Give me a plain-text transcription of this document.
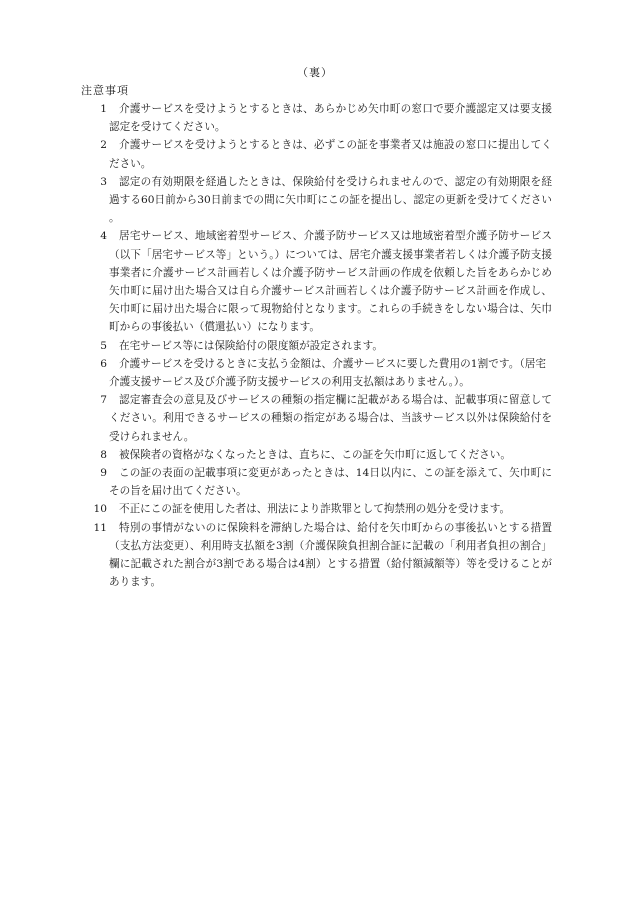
（裏）
注意事項
1	介護サービスを受けようとするときは、あらかじめ矢巾町の窓口で要介護認定又は要支援認定を受けてください。
2	介護サービスを受けようとするときは、必ずこの証を事業者又は施設の窓口に提出してください。
3	認定の有効期限を経過したときは、保険給付を受けられませんので、認定の有効期限を経過する60日前から30日前までの間に矢巾町にこの証を提出し、認定の更新を受けてください。
4	居宅サービス、地域密着型サービス、介護予防サービス又は地域密着型介護予防サービス（以下「居宅サービス等」という。）については、居宅介護支援事業者若しくは介護予防支援事業者に介護サービス計画若しくは介護予防サービス計画の作成を依頼した旨をあらかじめ矢巾町に届け出た場合又は自ら介護サービス計画若しくは介護予防サービス計画を作成し、矢巾町に届け出た場合に限って現物給付となります。これらの手続きをしない場合は、矢巾町からの事後払い（償還払い）になります。
5	在宅サービス等には保険給付の限度額が設定されます。
6	介護サービスを受けるときに支払う金額は、介護サービスに要した費用の1割です。（居宅介護支援サービス及び介護予防支援サービスの利用支払額はありません。）。
7	認定審査会の意見及びサービスの種類の指定欄に記載がある場合は、記載事項に留意してください。利用できるサービスの種類の指定がある場合は、当該サービス以外は保険給付を受けられません。
8	被保険者の資格がなくなったときは、直ちに、この証を矢巾町に返してください。
9	この証の表面の記載事項に変更があったときは、14日以内に、この証を添えて、矢巾町にその旨を届け出てください。
10	不正にこの証を使用した者は、刑法により詐欺罪として拘禁刑の処分を受けます。
11	特別の事情がないのに保険料を滞納した場合は、給付を矢巾町からの事後払いとする措置（支払方法変更）、利用時支払額を3割（介護保険負担割合証に記載の「利用者負担の割合」欄に記載された割合が3割である場合は4割）とする措置（給付額減額等）等を受けることがあります。
